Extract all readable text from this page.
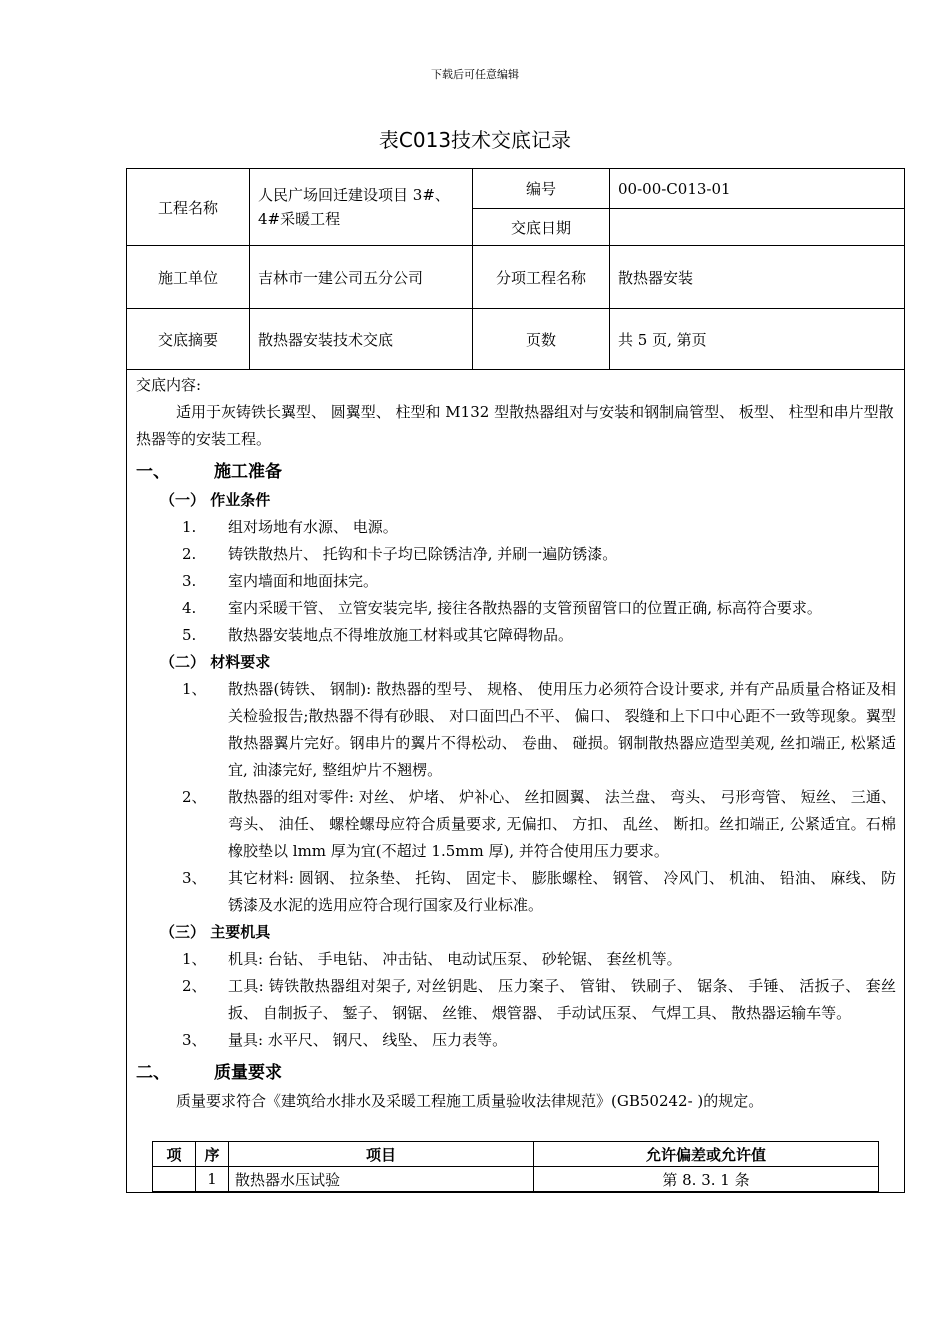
下载后可任意编辑
表C013技术交底记录
工程名称	人民广场回迁建设项目 3#、4#采暖工程	编号	00-00-C013-01
		交底日期	
施工单位	吉林市一建公司五分公司	分项工程名称	散热器安装
交底摘要	散热器安装技术交底	页数	共 5 页, 第页

交底内容:

适用于灰铸铁长翼型、 圆翼型、 柱型和 M132 型散热器组对与安装和钢制扁管型、 板型、 柱型和串片型散热器等的安装工程。

一、	施工准备

（一） 作业条件

1.	组对场地有水源、 电源。
2.	铸铁散热片、 托钩和卡子均已除锈洁净, 并刷一遍防锈漆。
3.	室内墙面和地面抹完。
4.	室内采暖干管、 立管安装完毕, 接往各散热器的支管预留管口的位置正确, 标高符合要求。
5.	散热器安装地点不得堆放施工材料或其它障碍物品。

（二） 材料要求

1、	散热器(铸铁、 钢制): 散热器的型号、 规格、 使用压力必须符合设计要求, 并有产品质量合格证及相关检验报告;散热器不得有砂眼、 对口面凹凸不平、 偏口、 裂缝和上下口中心距不一致等现象。翼型散热器翼片完好。钢串片的翼片不得松动、 卷曲、 碰损。钢制散热器应造型美观, 丝扣端正, 松紧适宜, 油漆完好, 整组炉片不翘楞。
2、	散热器的组对零件: 对丝、 炉堵、 炉补心、 丝扣圆翼、 法兰盘、 弯头、 弓形弯管、 短丝、 三通、 弯头、 油任、 螺栓螺母应符合质量要求, 无偏扣、 方扣、 乱丝、 断扣。丝扣端正, 公紧适宜。石棉橡胶垫以 lmm 厚为宜(不超过 1.5mm 厚), 并符合使用压力要求。
3、	其它材料: 圆钢、 拉条垫、 托钩、 固定卡、 膨胀螺栓、 钢管、 冷风门、 机油、 铅油、 麻线、 防锈漆及水泥的选用应符合现行国家及行业标准。

（三） 主要机具

1、	机具: 台钻、 手电钻、 冲击钻、 电动试压泵、 砂轮锯、 套丝机等。
2、	工具: 铸铁散热器组对架子, 对丝钥匙、 压力案子、 管钳、 铁刷子、 锯条、 手锤、 活扳子、 套丝扳、 自制扳子、 錾子、 钢锯、 丝锥、 煨管器、 手动试压泵、 气焊工具、 散热器运输车等。
3、	量具: 水平尺、 钢尺、 线坠、 压力表等。

二、	质量要求

质量要求符合《建筑给水排水及采暖工程施工质量验收法律规范》(GB50242- )的规定。

项	序	项目	允许偏差或允许值
	1	散热器水压试验	第 8. 3. 1 条
